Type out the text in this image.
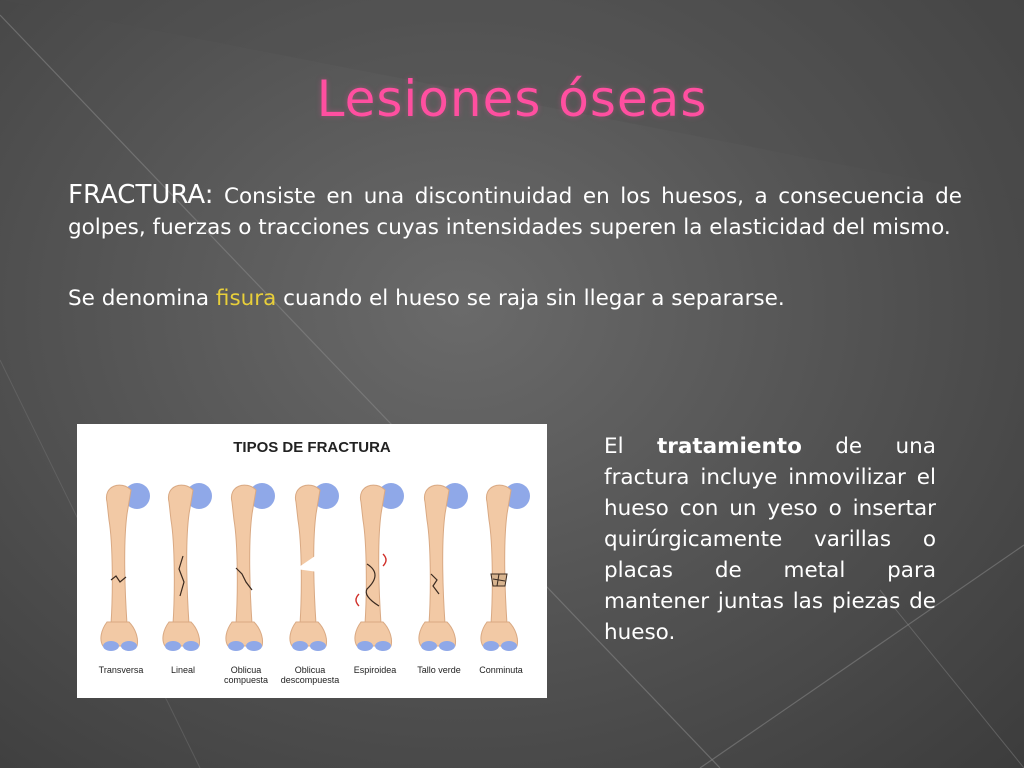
Lesiones óseas

FRACTURA: Consiste en una discontinuidad en los huesos, a consecuencia de golpes, fuerzas o tracciones cuyas intensidades superen la elasticidad del mismo.

Se denomina fisura cuando el hueso se raja sin llegar a separarse.

TIPOS DE FRACTURA
Transversa	Lineal	Oblicua
compuesta
Oblicua
descompuesta
Espiroidea Tallo verde Conminuta

El tratamiento de una fractura incluye inmovilizar el hueso con un yeso o insertar quirúrgicamente varillas o placas de metal para mantener juntas las piezas de hueso.
